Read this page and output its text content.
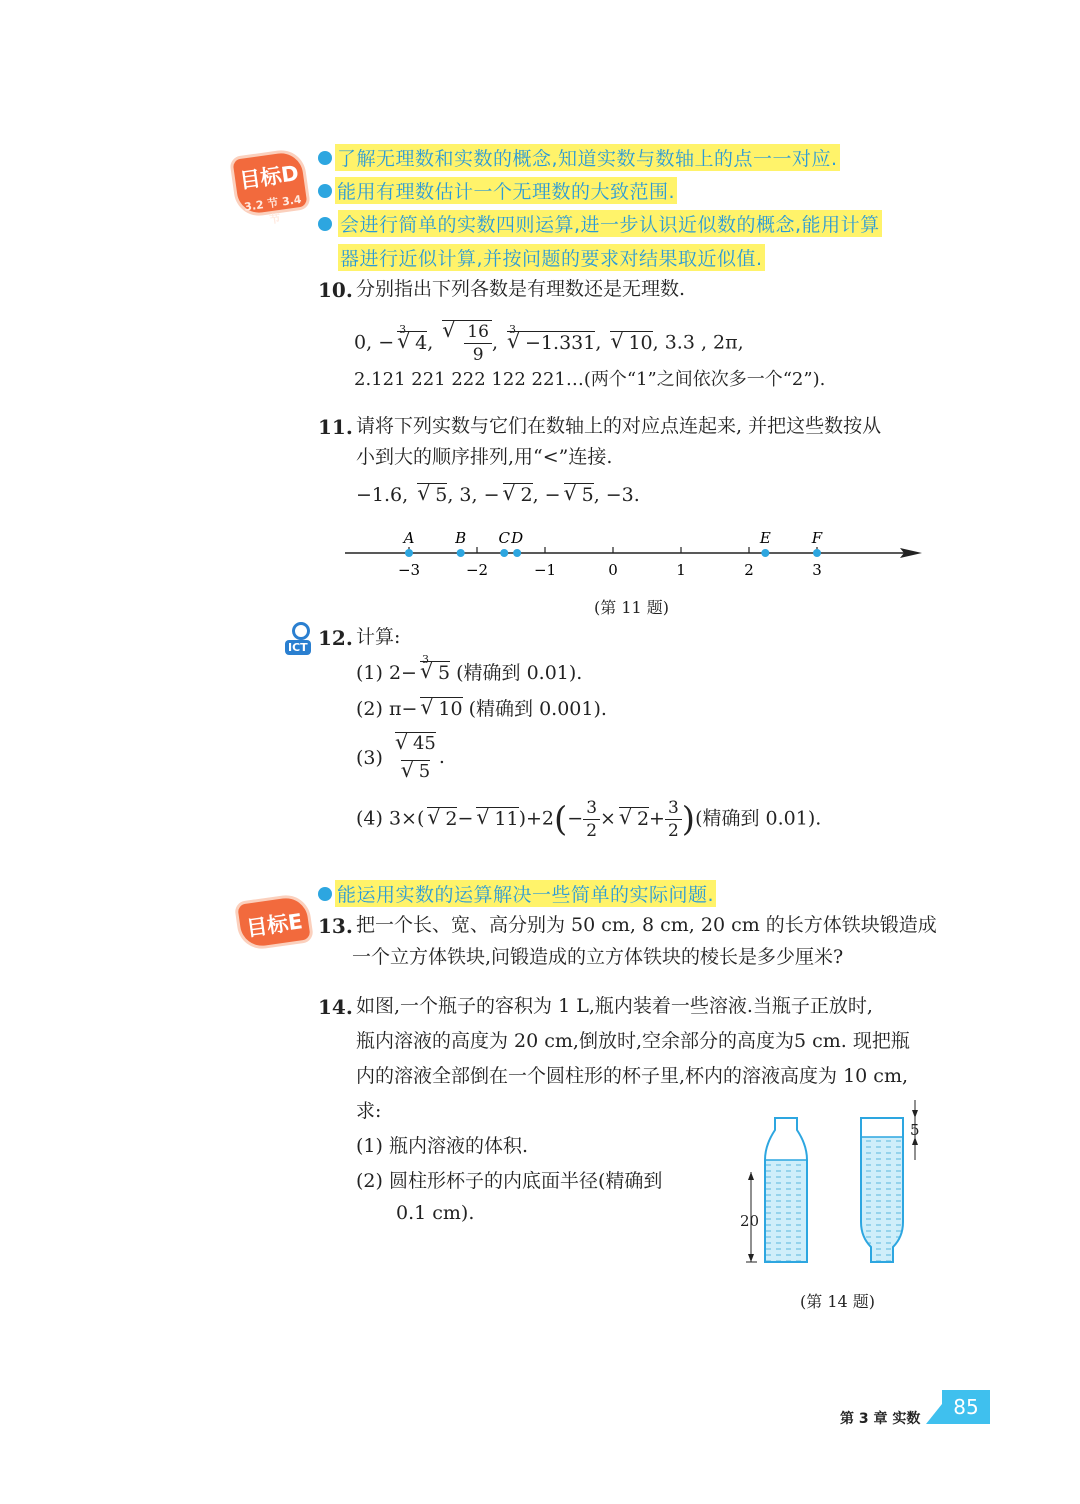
目标D
3.2 节 3.4 节
了解无理数和实数的概念,知道实数与数轴上的点一一对应.
能用有理数估计一个无理数的大致范围.
会进行简单的实数四则运算,进一步认识近似数的概念,能用计算
器进行近似计算,并按问题的要求对结果取近似值.
10. 分别指出下列各数是有理数还是无理数.
0, −
√ 3
4, √ $\frac{16}{9}$ ,
√ 3
−1.331, √ 10, 3.3 , 2π,
2.121 221 222 122 221…(两个“1”之间依次多一个“2”).
11. 请将下列实数与它们在数轴上的对应点连起来, 并把这些数按从
小到大的顺序排列,用“<”连接.
−1.6, √ 5, 3, − √ 2, − √ 5, −3.
−3	−2	−1	0	1	2	3
A	B C D	E	F
(第 11 题)
ICT 12. 计算:
(1) 2−
√ 3
5 (精确到 0.01).
(2) π− √ 10 (精确到 0.001).
(3)
√ 45
√ 5
.
(4) 3×( √ 2− √ $11)+2(- \frac{3}{2}$ × √ $2+ \frac{3}{2}$ )(精确到 0.01).
能运用实数的运算解决一些简单的实际问题.
目标E 13. 把一个长、宽、高分别为 50 cm, 8 cm, 20 cm 的长方体铁块锻造成
一个立方体铁块,问锻造成的立方体铁块的棱长是多少厘米?
14. 如图,一个瓶子的容积为 1 L,瓶内装着一些溶液.当瓶子正放时,
瓶内溶液的高度为 20 cm,倒放时,空余部分的高度为5 cm. 现把瓶
内的溶液全部倒在一个圆柱形的杯子里,杯内的溶液高度为 10 cm,
求:
(1) 瓶内溶液的体积.
(2) 圆柱形杯子的内底面半径(精确到
0.1 cm).	20
5
(第 14 题)
第 3 章 实数	85
